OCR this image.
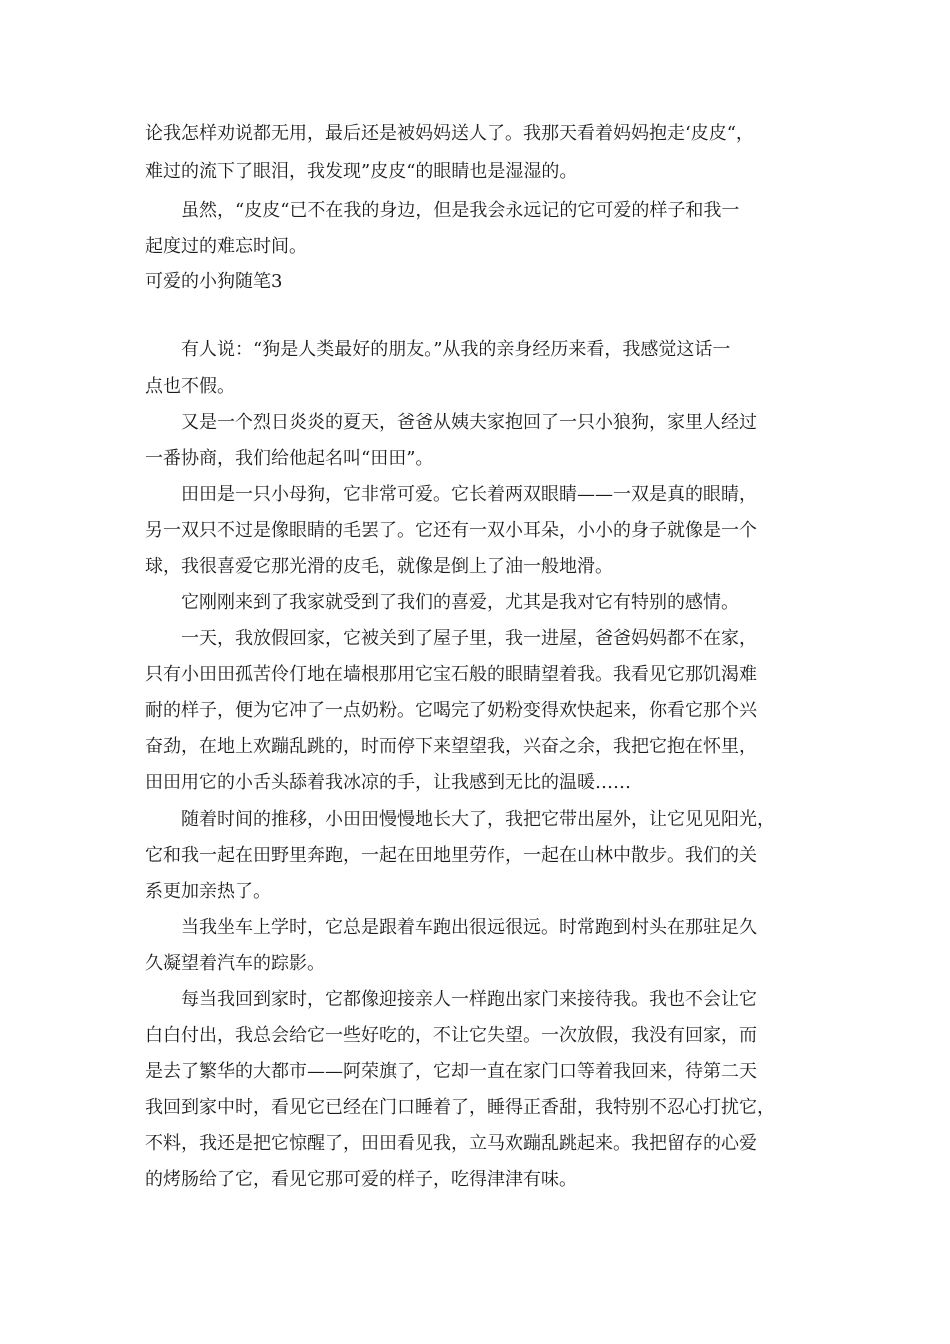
论我怎样劝说都无用，最后还是被妈妈送人了。我那天看着妈妈抱走‘皮皮“，
难过的流下了眼泪，我发现”皮皮“的眼睛也是湿湿的。
　　虽然，“皮皮“已不在我的身边，但是我会永远记的它可爱的样子和我一
起度过的难忘时间。
可爱的小狗随笔3
　　有人说：“狗是人类最好的朋友。”从我的亲身经历来看，我感觉这话一
点也不假。
　　又是一个烈日炎炎的夏天，爸爸从姨夫家抱回了一只小狼狗，家里人经过
一番协商，我们给他起名叫“田田”。
　　田田是一只小母狗，它非常可爱。它长着两双眼睛——一双是真的眼睛，
另一双只不过是像眼睛的毛罢了。它还有一双小耳朵，小小的身子就像是一个
球，我很喜爱它那光滑的皮毛，就像是倒上了油一般地滑。
　　它刚刚来到了我家就受到了我们的喜爱，尤其是我对它有特别的感情。
　　一天，我放假回家，它被关到了屋子里，我一进屋，爸爸妈妈都不在家，
只有小田田孤苦伶仃地在墙根那用它宝石般的眼睛望着我。我看见它那饥渴难
耐的样子，便为它冲了一点奶粉。它喝完了奶粉变得欢快起来，你看它那个兴
奋劲，在地上欢蹦乱跳的，时而停下来望望我，兴奋之余，我把它抱在怀里，
田田用它的小舌头舔着我冰凉的手，让我感到无比的温暖……
　　随着时间的推移，小田田慢慢地长大了，我把它带出屋外，让它见见阳光，
它和我一起在田野里奔跑，一起在田地里劳作，一起在山林中散步。我们的关
系更加亲热了。
　　当我坐车上学时，它总是跟着车跑出很远很远。时常跑到村头在那驻足久
久凝望着汽车的踪影。
　　每当我回到家时，它都像迎接亲人一样跑出家门来接待我。我也不会让它
白白付出，我总会给它一些好吃的，不让它失望。一次放假，我没有回家，而
是去了繁华的大都市——阿荣旗了，它却一直在家门口等着我回来，待第二天
我回到家中时，看见它已经在门口睡着了，睡得正香甜，我特别不忍心打扰它，
不料，我还是把它惊醒了，田田看见我，立马欢蹦乱跳起来。我把留存的心爱
的烤肠给了它，看见它那可爱的样子，吃得津津有味。
